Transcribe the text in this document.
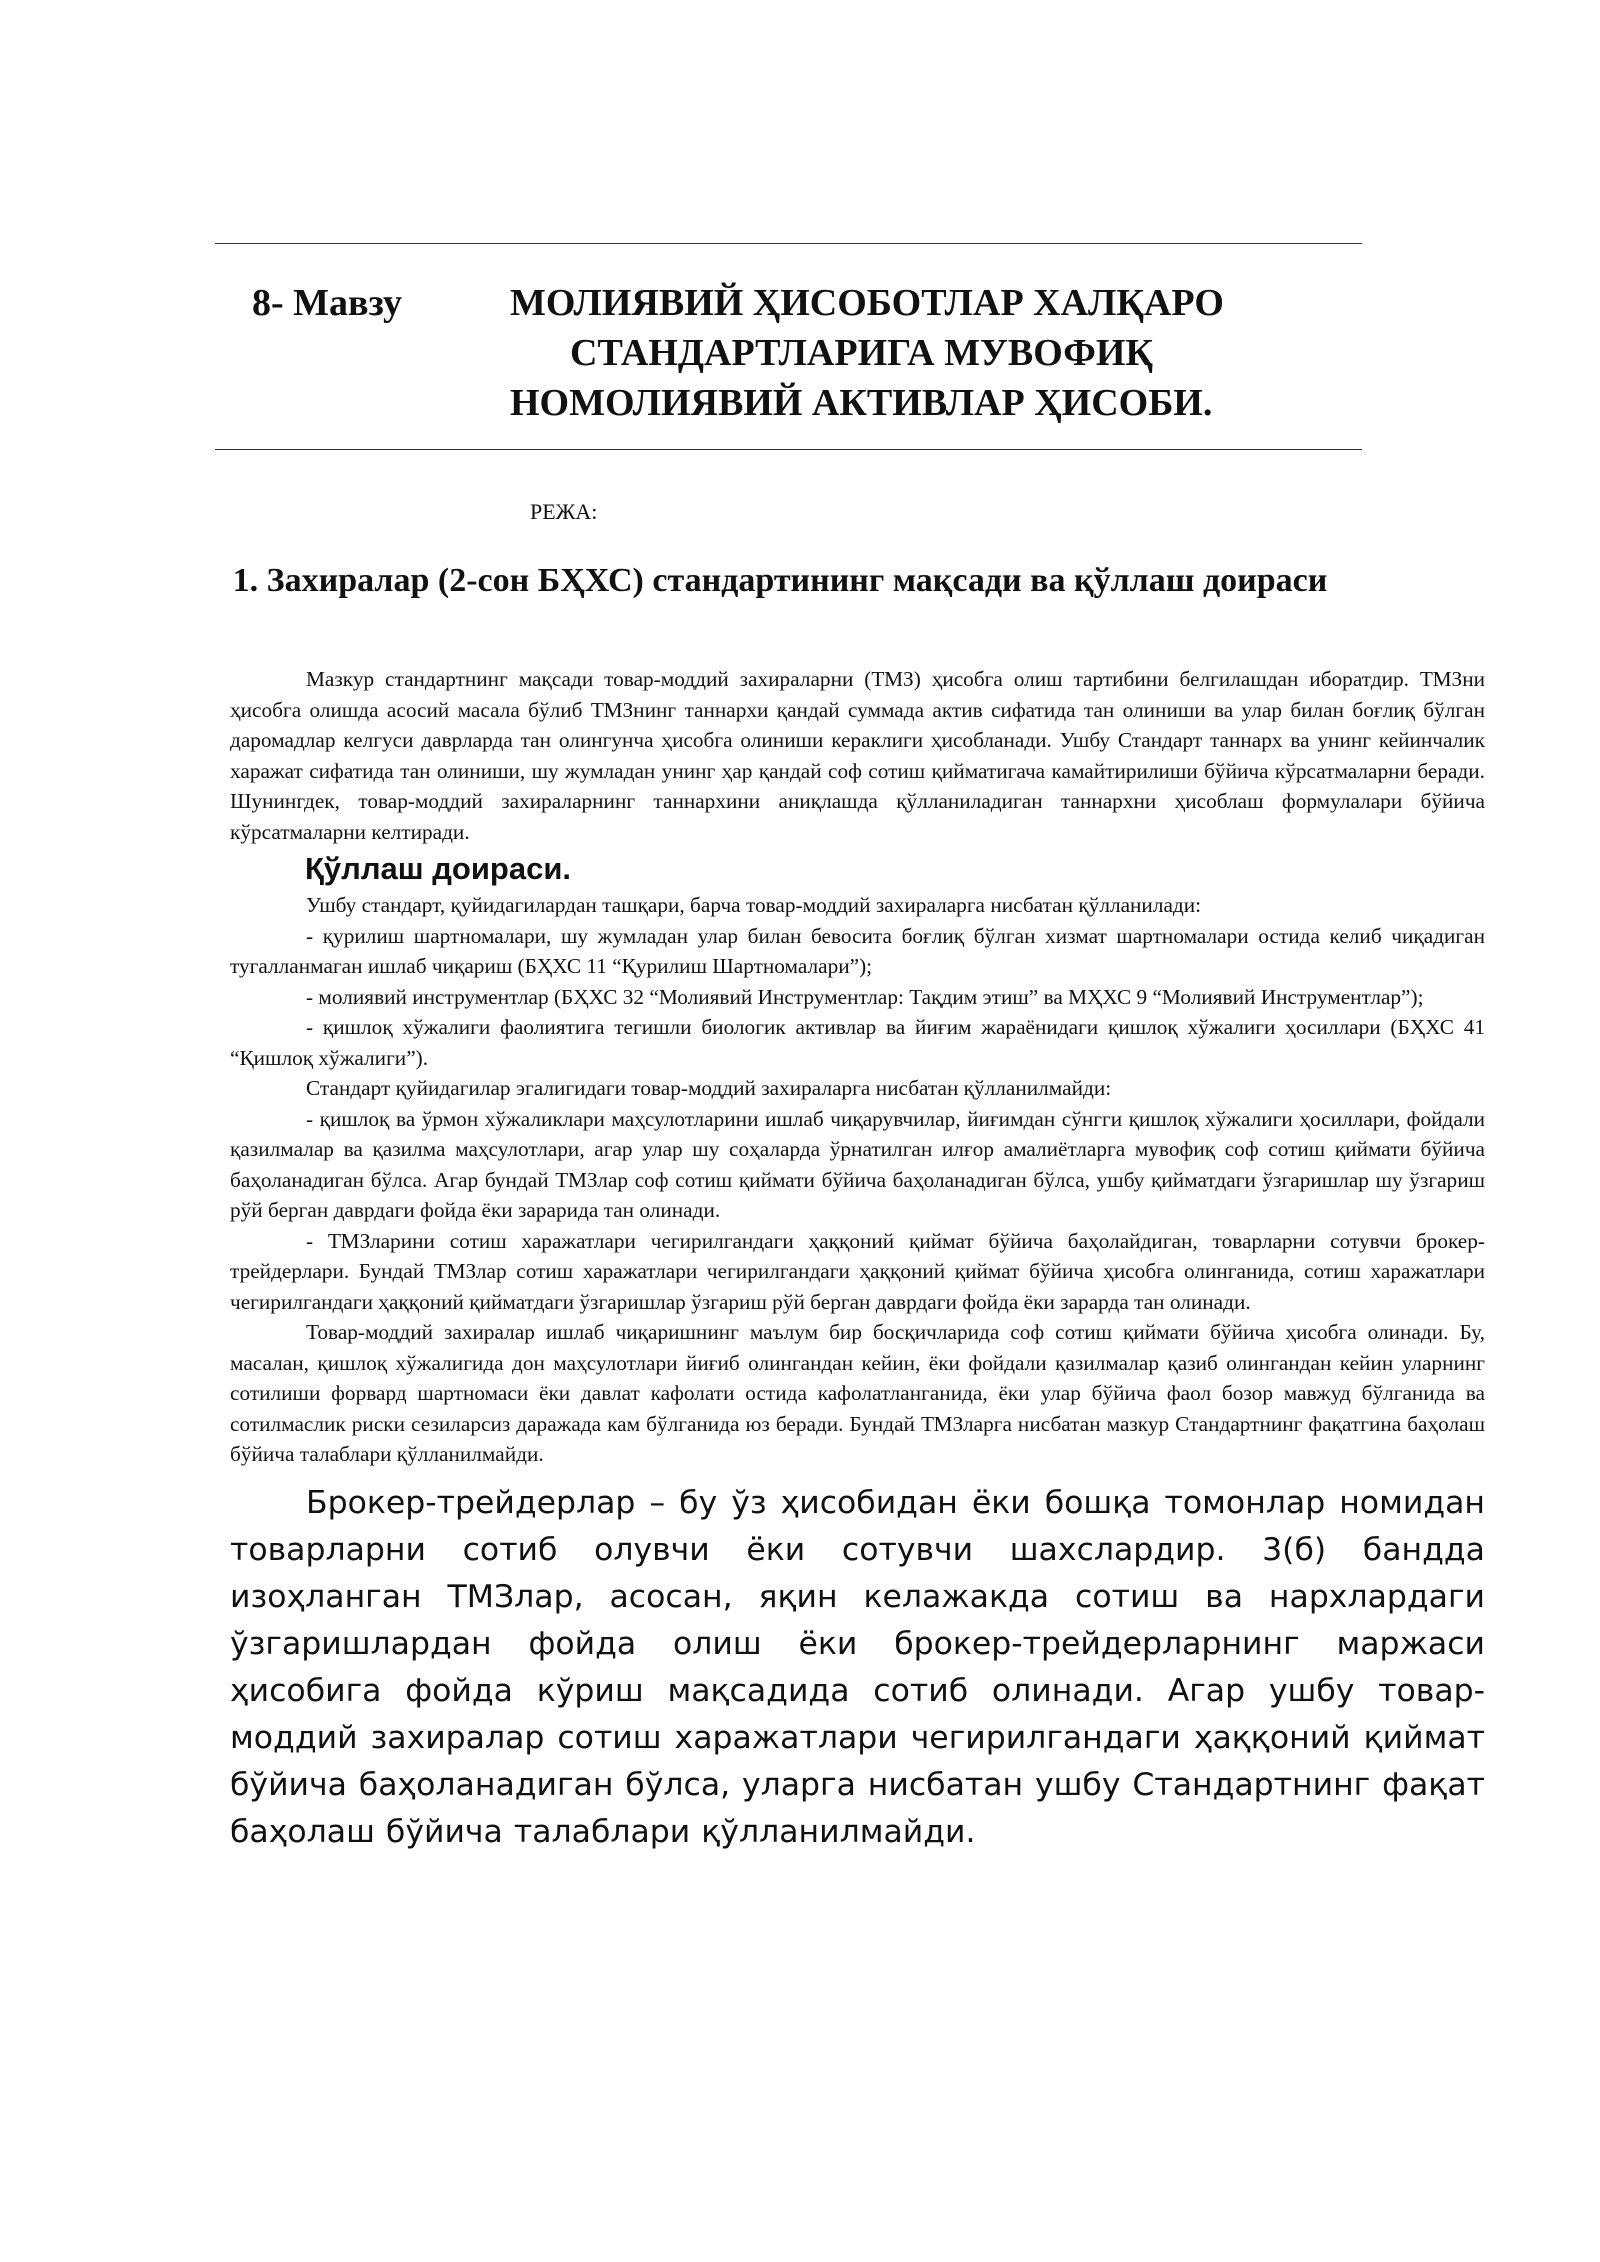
8- Мавзу	МОЛИЯВИЙ ҲИСОБОТЛАР ХАЛҚАРО
СТАНДАРТЛАРИГА МУВОФИҚ
НОМОЛИЯВИЙ АКТИВЛАР ҲИСОБИ.
РЕЖА:
1. Захиралар (2-сон БҲХС) стандартининг мақсади ва қўллаш доираси

Мазкур стандартнинг мақсади товар-моддий захираларни (ТМЗ) ҳисобга олиш тартибини белгилашдан иборатдир. ТМЗни ҳисобга олишда асосий масала бўлиб ТМЗнинг таннархи қандай суммада актив сифатида тан олиниши ва улар билан боғлиқ бўлган даромадлар келгуси даврларда тан олингунча ҳисобга олиниши кераклиги ҳисобланади. Ушбу Стандарт таннарх ва унинг кейинчалик харажат сифатида тан олиниши, шу жумладан унинг ҳар қандай соф сотиш қийматигача камайтирилиши бўйича кўрсатмаларни беради. Шунингдек, товар-моддий захираларнинг таннархини аниқлашда қўлланиладиган таннархни ҳисоблаш формулалари бўйича кўрсатмаларни келтиради.

Қўллаш доираси.

Ушбу стандарт, қуйидагилардан ташқари, барча товар-моддий захираларга нисбатан қўлланилади:

- қурилиш шартномалари, шу жумладан улар билан бевосита боғлиқ бўлган хизмат шартномалари остида келиб чиқадиган тугалланмаган ишлаб чиқариш (БҲХС 11 “Қурилиш Шартномалари”);

- молиявий инструментлар (БҲХС 32 “Молиявий Инструментлар: Тақдим этиш” ва МҲХС 9 “Молиявий Инструментлар”);

- қишлоқ хўжалиги фаолиятига тегишли биологик активлар ва йиғим жараёнидаги қишлоқ хўжалиги ҳосиллари (БҲХС 41 “Қишлоқ хўжалиги”).

Стандарт қуйидагилар эгалигидаги товар-моддий захираларга нисбатан қўлланилмайди:

- қишлоқ ва ўрмон хўжаликлари маҳсулотларини ишлаб чиқарувчилар, йиғимдан сўнгги қишлоқ хўжалиги ҳосиллари, фойдали қазилмалар ва қазилма маҳсулотлари, агар улар шу соҳаларда ўрнатилган илғор амалиётларга мувофиқ соф сотиш қиймати бўйича баҳоланадиган бўлса. Агар бундай ТМЗлар соф сотиш қиймати бўйича баҳоланадиган бўлса, ушбу қийматдаги ўзгаришлар шу ўзгариш рўй берган даврдаги фойда ёки зарарида тан олинади.

- ТМЗларини сотиш харажатлари чегирилгандаги ҳаққоний қиймат бўйича баҳолайдиган, товарларни сотувчи брокер-трейдерлари. Бундай ТМЗлар сотиш харажатлари чегирилгандаги ҳаққоний қиймат бўйича ҳисобга олинганида, сотиш харажатлари чегирилгандаги ҳаққоний қийматдаги ўзгаришлар ўзгариш рўй берган даврдаги фойда ёки зарарда тан олинади.

Товар-моддий захиралар ишлаб чиқаришнинг маълум бир босқичларида соф сотиш қиймати бўйича ҳисобга олинади. Бу, масалан, қишлоқ хўжалигида дон маҳсулотлари йиғиб олингандан кейин, ёки фойдали қазилмалар қазиб олингандан кейин уларнинг сотилиши форвард шартномаси ёки давлат кафолати остида кафолатланганида, ёки улар бўйича фаол бозор мавжуд бўлганида ва сотилмаслик риски сезиларсиз даражада кам бўлганида юз беради. Бундай ТМЗларга нисбатан мазкур Стандартнинг фақатгина баҳолаш бўйича талаблари қўлланилмайди.

Брокер-трейдерлар – бу ўз ҳисобидан ёки бошқа томонлар номидан товарларни сотиб олувчи ёки сотувчи шахслардир. 3(б) бандда изоҳланган ТМЗлар, асосан, яқин келажакда сотиш ва нархлардаги ўзгаришлардан фойда олиш ёки брокер-трейдерларнинг маржаси ҳисобига фойда кўриш мақсадида сотиб олинади. Агар ушбу товар-моддий захиралар сотиш харажатлари чегирилгандаги ҳаққоний қиймат бўйича баҳоланадиган бўлса, уларга нисбатан ушбу Стандартнинг фақат баҳолаш бўйича талаблари қўлланилмайди.
